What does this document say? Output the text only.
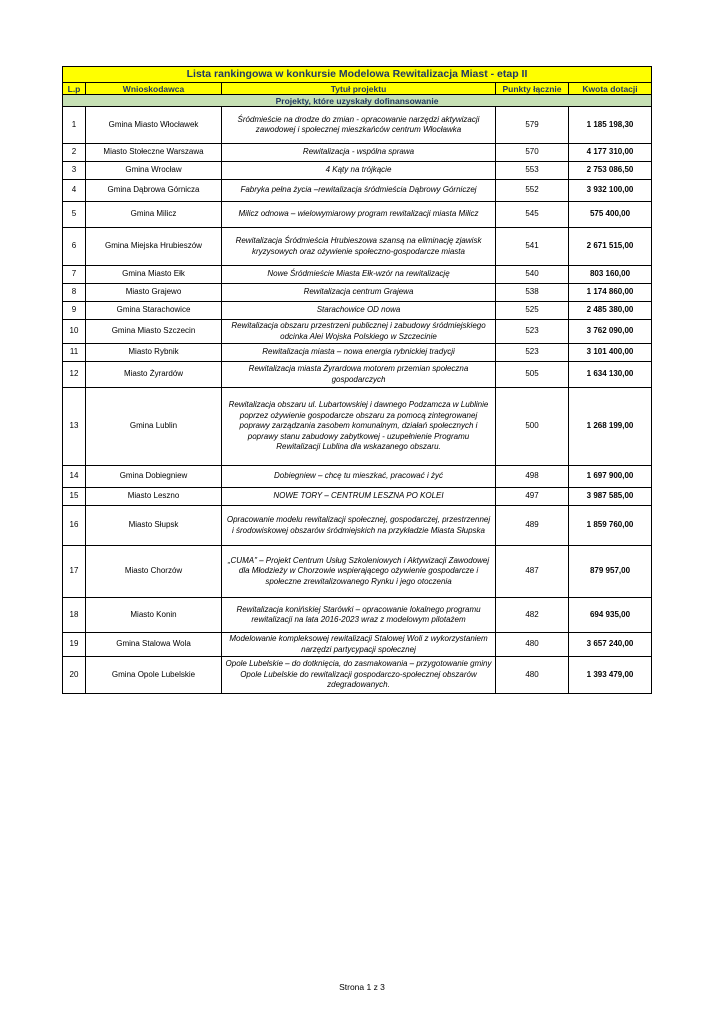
Lista rankingowa w konkursie Modelowa Rewitalizacja Miast - etap II				
L.p	Wnioskodawca	Tytuł projektu	Punkty łącznie	Kwota dotacji
Projekty, które uzyskały dofinansowanie				
1	Gmina Miasto Włocławek	Śródmieście na drodze do zmian - opracowanie narzędzi aktywizacji zawodowej i społecznej mieszkańców centrum Włocławka	579	1 185 198,30
2	Miasto Stołeczne Warszawa	Rewitalizacja - wspólna sprawa	570	4 177 310,00
3	Gmina Wrocław	4 Kąty na trójkącie	553	2 753 086,50
4	Gmina Dąbrowa Górnicza	Fabryka pełna życia –rewitalizacja śródmieścia Dąbrowy Górniczej	552	3 932 100,00
5	Gmina Milicz	Milicz odnowa – wielowymiarowy program rewitalizacji miasta Milicz	545	575 400,00
6	Gmina Miejska Hrubieszów	Rewitalizacja Śródmieścia Hrubieszowa szansą na eliminację zjawisk kryzysowych oraz ożywienie społeczno-gospodarcze miasta	541	2 671 515,00
7	Gmina Miasto Ełk	Nowe Śródmieście Miasta Ełk-wzór na rewitalizację	540	803 160,00
8	Miasto Grajewo	Rewitalizacja centrum Grajewa	538	1 174 860,00
9	Gmina Starachowice	Starachowice OD nowa	525	2 485 380,00
10	Gmina Miasto Szczecin	Rewitalizacja obszaru przestrzeni publicznej i zabudowy śródmiejskiego odcinka Alei Wojska Polskiego w Szczecinie	523	3 762 090,00
11	Miasto Rybnik	Rewitalizacja miasta – nowa energia rybnickiej tradycji	523	3 101 400,00
12	Miasto Żyrardów	Rewitalizacja miasta Żyrardowa motorem przemian społeczna gospodarczych	505	1 634 130,00
13	Gmina Lublin	Rewitalizacja obszaru ul. Lubartowskiej i dawnego Podzamcza w Lublinie poprzez ożywienie gospodarcze obszaru za pomocą zintegrowanej poprawy zarządzania zasobem komunalnym, działań społecznych i poprawy stanu zabudowy zabytkowej - uzupełnienie Programu Rewitalizacji Lublina dla wskazanego obszaru.	500	1 268 199,00
14	Gmina Dobiegniew	Dobiegniew – chcę tu mieszkać, pracować i żyć	498	1 697 900,00
15	Miasto Leszno	NOWE TORY – CENTRUM LESZNA PO KOLEI	497	3 987 585,00
16	Miasto Słupsk	Opracowanie modelu rewitalizacji społecznej, gospodarczej, przestrzennej i środowiskowej obszarów śródmiejskich na przykładzie Miasta Słupska	489	1 859 760,00
17	Miasto Chorzów	„CUMA" – Projekt Centrum Usług Szkoleniowych i Aktywizacji Zawodowej dla Młodzieży w Chorzowie wspierającego ożywienie gospodarcze i społeczne zrewitalizowanego Rynku i jego otoczenia	487	879 957,00
18	Miasto Konin	Rewitalizacja konińskiej Starówki – opracowanie lokalnego programu rewitalizacji na lata 2016-2023 wraz z modelowym pilotażem	482	694 935,00
19	Gmina Stalowa Wola	Modelowanie kompleksowej rewitalizacji Stalowej Woli z wykorzystaniem narzędzi partycypacji społecznej	480	3 657 240,00
20	Gmina Opole Lubelskie	Opole Lubelskie – do dotknięcia, do zasmakowania – przygotowanie gminy Opole Lubelskie do rewitalizacji gospodarczo-społecznej obszarów zdegradowanych.	480	1 393 479,00
Strona 1 z 3
